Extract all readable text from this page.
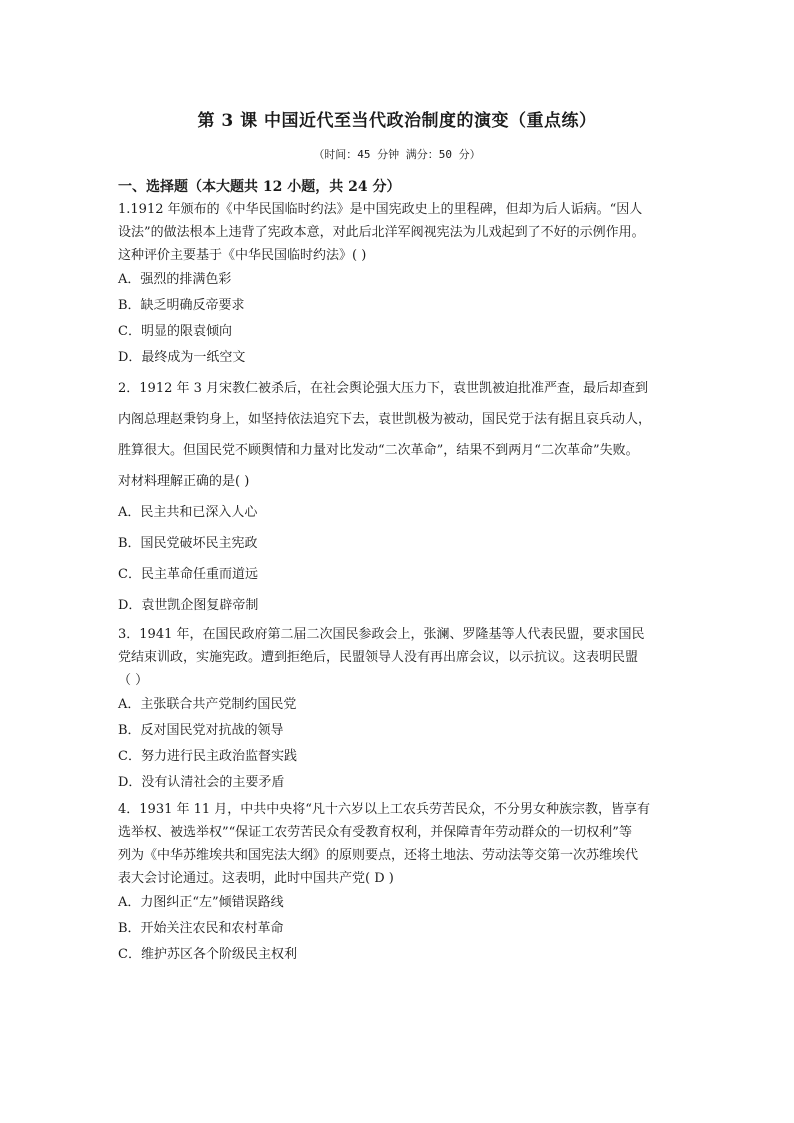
第 3 课 中国近代至当代政治制度的演变（重点练）
（时间：45 分钟 满分：50 分）

一、选择题（本大题共 12 小题，共 24 分）

1.1912 年颁布的《中华民国临时约法》是中国宪政史上的里程碑，但却为后人诟病。“因人

设法”的做法根本上违背了宪政本意，对此后北洋军阀视宪法为儿戏起到了不好的示例作用。

这种评价主要基于《中华民国临时约法》( )

A．强烈的排满色彩

B．缺乏明确反帝要求

C．明显的限袁倾向

D．最终成为一纸空文

2．1912 年 3 月宋教仁被杀后，在社会舆论强大压力下，袁世凯被迫批准严查，最后却查到

内阁总理赵秉钧身上，如坚持依法追究下去，袁世凯极为被动，国民党于法有据且哀兵动人，

胜算很大。但国民党不顾舆情和力量对比发动“二次革命”，结果不到两月“二次革命”失败。

对材料理解正确的是( )

A．民主共和已深入人心

B．国民党破坏民主宪政

C．民主革命任重而道远

D．袁世凯企图复辟帝制

3．1941 年，在国民政府第二届二次国民参政会上，张澜、罗隆基等人代表民盟，要求国民

党结束训政，实施宪政。遭到拒绝后，民盟领导人没有再出席会议，以示抗议。这表明民盟

（ ）

A．主张联合共产党制约国民党

B．反对国民党对抗战的领导

C．努力进行民主政治监督实践

D．没有认清社会的主要矛盾

4．1931 年 11 月，中共中央将“凡十六岁以上工农兵劳苦民众，不分男女种族宗教，皆享有

选举权、被选举权”“保证工农劳苦民众有受教育权利，并保障青年劳动群众的一切权利”等

列为《中华苏维埃共和国宪法大纲》的原则要点，还将土地法、劳动法等交第一次苏维埃代

表大会讨论通过。这表明，此时中国共产党( D )

A．力图纠正“左”倾错误路线

B．开始关注农民和农村革命

C．维护苏区各个阶级民主权利
